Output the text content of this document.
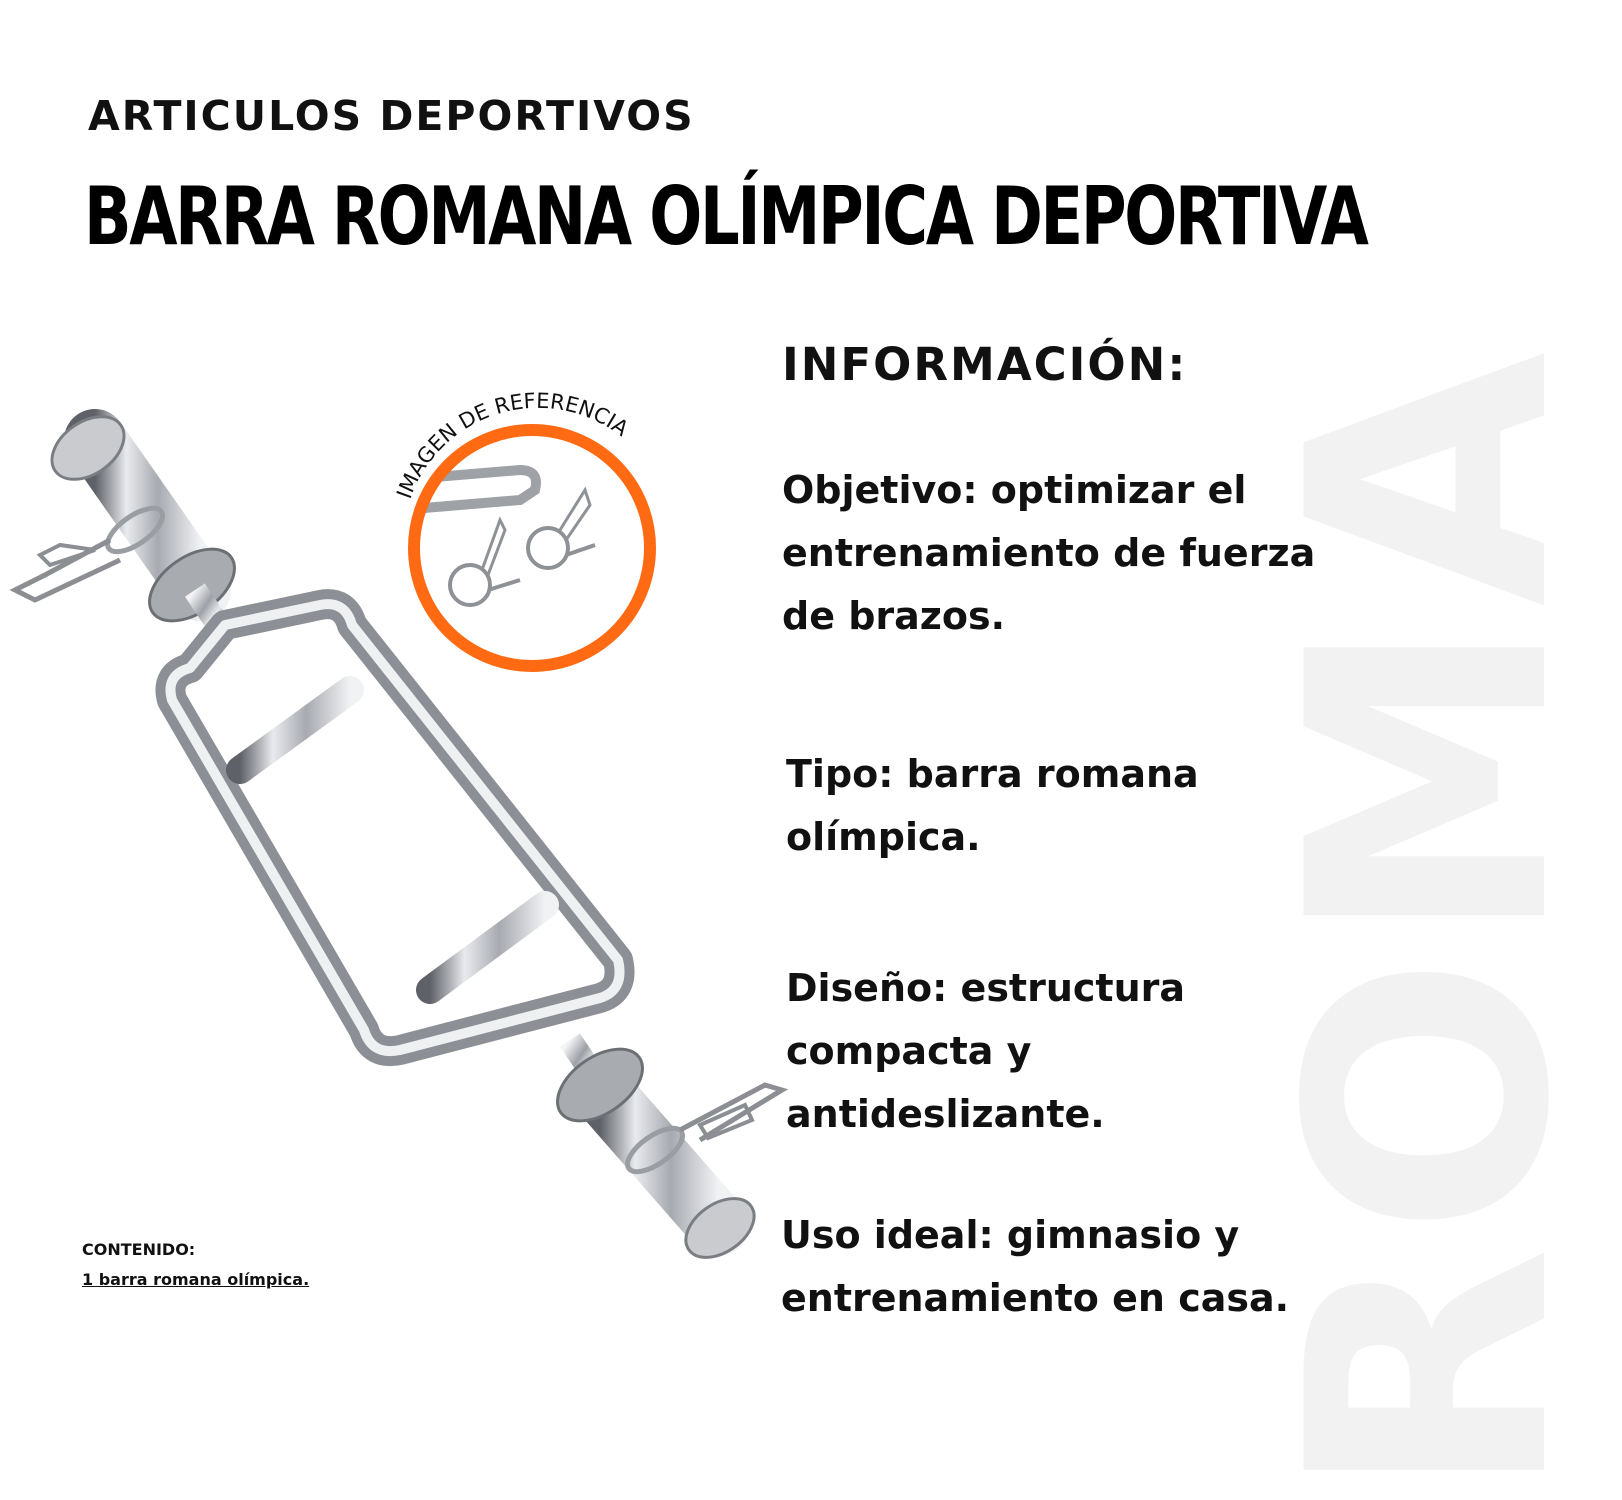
ROMA
ARTICULOS DEPORTIVOS
BARRA ROMANA OLÍMPICA DEPORTIVA
IMAGEN DE REFERENCIA
INFORMACIÓN:
Objetivo: optimizar el
entrenamiento de fuerza
de brazos.
Tipo: barra romana
olímpica.
Diseño: estructura
compacta y
antideslizante.
Uso ideal: gimnasio y
entrenamiento en casa.
CONTENIDO:
1 barra romana olímpica.
